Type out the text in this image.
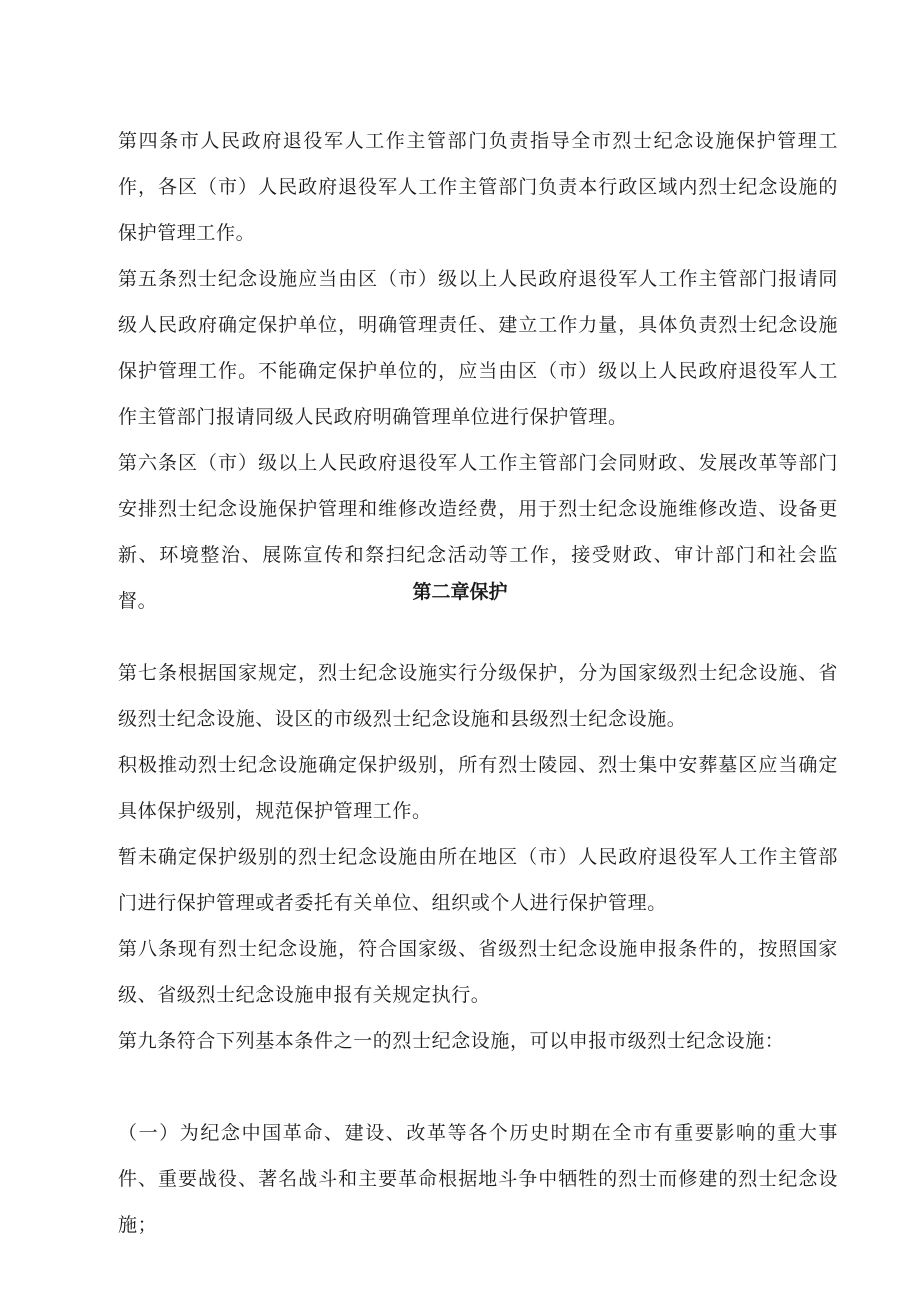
第四条市人民政府退役军人工作主管部门负责指导全市烈士纪念设施保护管理工作，各区（市）人民政府退役军人工作主管部门负责本行政区域内烈士纪念设施的保护管理工作。

第五条烈士纪念设施应当由区（市）级以上人民政府退役军人工作主管部门报请同级人民政府确定保护单位，明确管理责任、建立工作力量，具体负责烈士纪念设施保护管理工作。不能确定保护单位的，应当由区（市）级以上人民政府退役军人工作主管部门报请同级人民政府明确管理单位进行保护管理。

第六条区（市）级以上人民政府退役军人工作主管部门会同财政、发展改革等部门安排烈士纪念设施保护管理和维修改造经费，用于烈士纪念设施维修改造、设备更新、环境整治、展陈宣传和祭扫纪念活动等工作，接受财政、审计部门和社会监督。	第二章保护

第七条根据国家规定，烈士纪念设施实行分级保护，分为国家级烈士纪念设施、省级烈士纪念设施、设区的市级烈士纪念设施和县级烈士纪念设施。

积极推动烈士纪念设施确定保护级别，所有烈士陵园、烈士集中安葬墓区应当确定具体保护级别，规范保护管理工作。

暂未确定保护级别的烈士纪念设施由所在地区（市）人民政府退役军人工作主管部门进行保护管理或者委托有关单位、组织或个人进行保护管理。

第八条现有烈士纪念设施，符合国家级、省级烈士纪念设施申报条件的，按照国家级、省级烈士纪念设施申报有关规定执行。

第九条符合下列基本条件之一的烈士纪念设施，可以申报市级烈士纪念设施：

（一）为纪念中国革命、建设、改革等各个历史时期在全市有重要影响的重大事件、重要战役、著名战斗和主要革命根据地斗争中牺牲的烈士而修建的烈士纪念设施；
